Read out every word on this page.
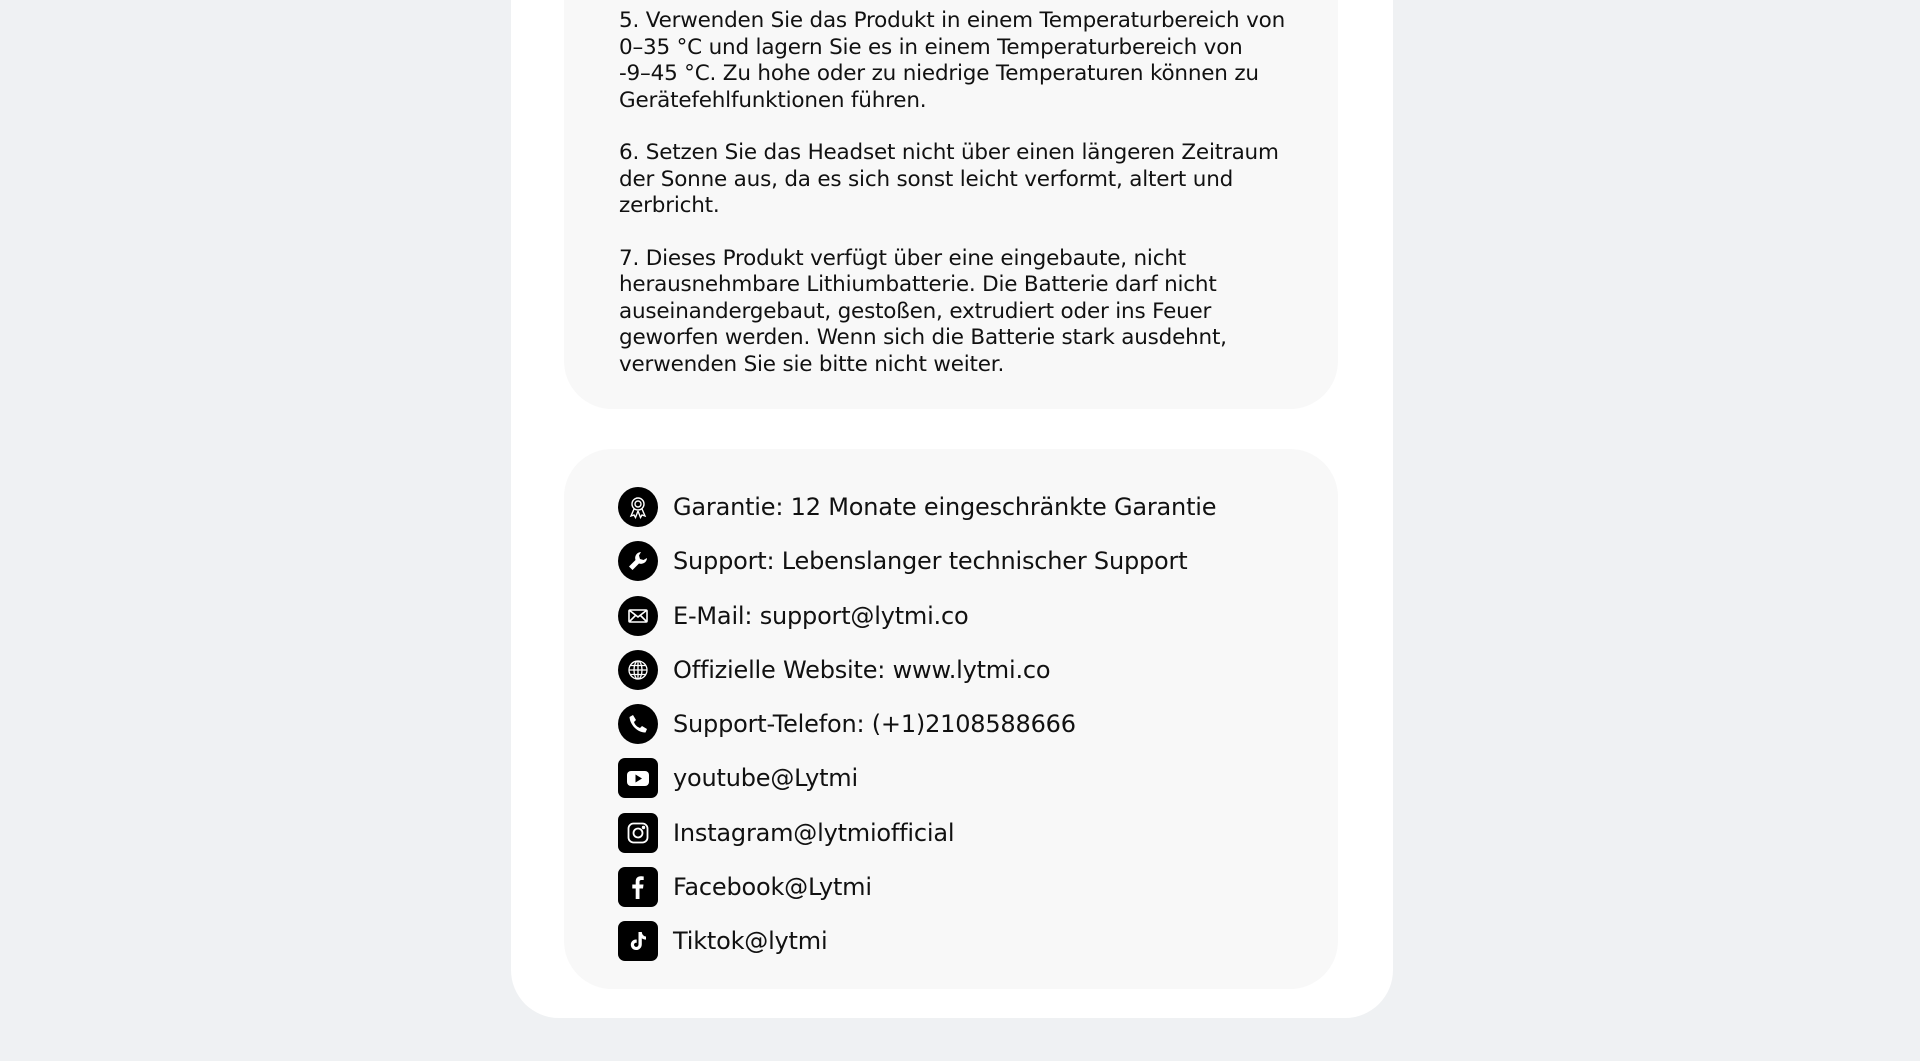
5. Verwenden Sie das Produkt in einem Temperaturbereich von
0–35 °C und lagern Sie es in einem Temperaturbereich von
-9–45 °C. Zu hohe oder zu niedrige Temperaturen können zu
Gerätefehlfunktionen führen.

6. Setzen Sie das Headset nicht über einen längeren Zeitraum
der Sonne aus, da es sich sonst leicht verformt, altert und
zerbricht.

7. Dieses Produkt verfügt über eine eingebaute, nicht
herausnehmbare Lithiumbatterie. Die Batterie darf nicht
auseinandergebaut, gestoßen, extrudiert oder ins Feuer
geworfen werden. Wenn sich die Batterie stark ausdehnt,
verwenden Sie sie bitte nicht weiter.

Garantie: 12 Monate eingeschränkte Garantie
Support: Lebenslanger technischer Support
E-Mail: support@lytmi.co
Offizielle Website: www.lytmi.co
Support-Telefon: (+1)2108588666
youtube@Lytmi
Instagram@lytmiofficial
Facebook@Lytmi
Tiktok@lytmi
